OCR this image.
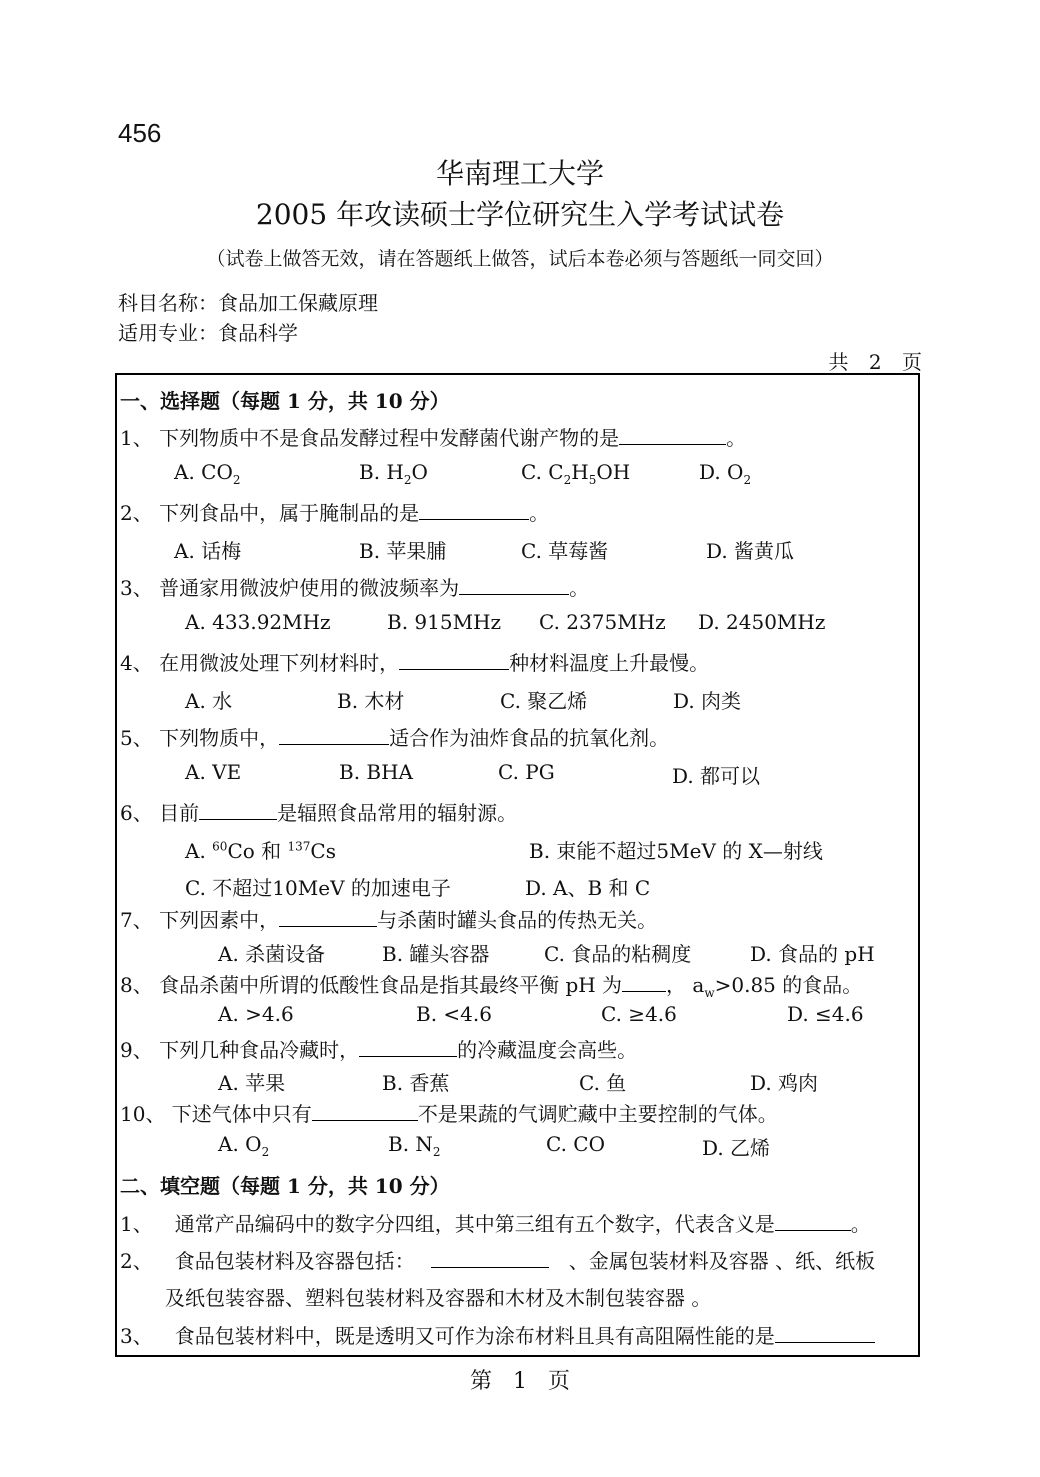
456
华南理工大学
2005 年攻读硕士学位研究生入学考试试卷
（试卷上做答无效，请在答题纸上做答，试后本卷必须与答题纸一同交回）
科目名称：食品加工保藏原理
适用专业：食品科学
共 2 页
一、选择题（每题 1 分，共 10 分）
1、 下列物质中不是食品发酵过程中发酵菌代谢产物的是	。
A. $CO_2$	B. $H_2O$	C. $C_2H_5OH$	D. $O_2$
2、 下列食品中，属于腌制品的是	。
A. 话梅	B. 苹果脯	C. 草莓酱	D. 酱黄瓜
3、 普通家用微波炉使用的微波频率为	。
A. 433.92MHz	B. 915MHz C. 2375MHz D. 2450MHz
4、 在用微波处理下列材料时，	种材料温度上升最慢。
A. 水	B. 木材	C. 聚乙烯	D. 肉类
5、 下列物质中，	适合作为油炸食品的抗氧化剂。
A. VE	B. BHA	C. PG	D. 都可以
6、 目前	是辐照食品常用的辐射源。
A. $^{60}$Co 和 $^{137}$Cs	B. 束能不超过5MeV 的 X—射线
C. 不超过10MeV 的加速电子	D. A、B 和 C
7、 下列因素中，	与杀菌时罐头食品的传热无关。
A. 杀菌设备	B. 罐头容器	C. 食品的粘稠度	D. 食品的 pH
8、 食品杀菌中所谓的低酸性食品是指其最终平衡 pH 为 ， $a_w>0.85$ 的食品。
A. >4.6	B. <4.6	C. ≥4.6	D. ≤4.6
9、 下列几种食品冷藏时，	的冷藏温度会高些。
A. 苹果	B. 香蕉	C. 鱼	D. 鸡肉
10、 下述气体中只有	不是果蔬的气调贮藏中主要控制的气体。
A. $O_2$	B. $N_2$	C. CO	D. 乙烯
二、填空题（每题 1 分，共 10 分）
1、 通常产品编码中的数字分四组，其中第三组有五个数字，代表含义是	。
2、 食品包装材料及容器包括：	、金属包装材料及容器 、纸、纸板
及纸包装容器、塑料包装材料及容器和木材及木制包装容器 。
3、 食品包装材料中，既是透明又可作为涂布材料且具有高阻隔性能的是
第 1 页
